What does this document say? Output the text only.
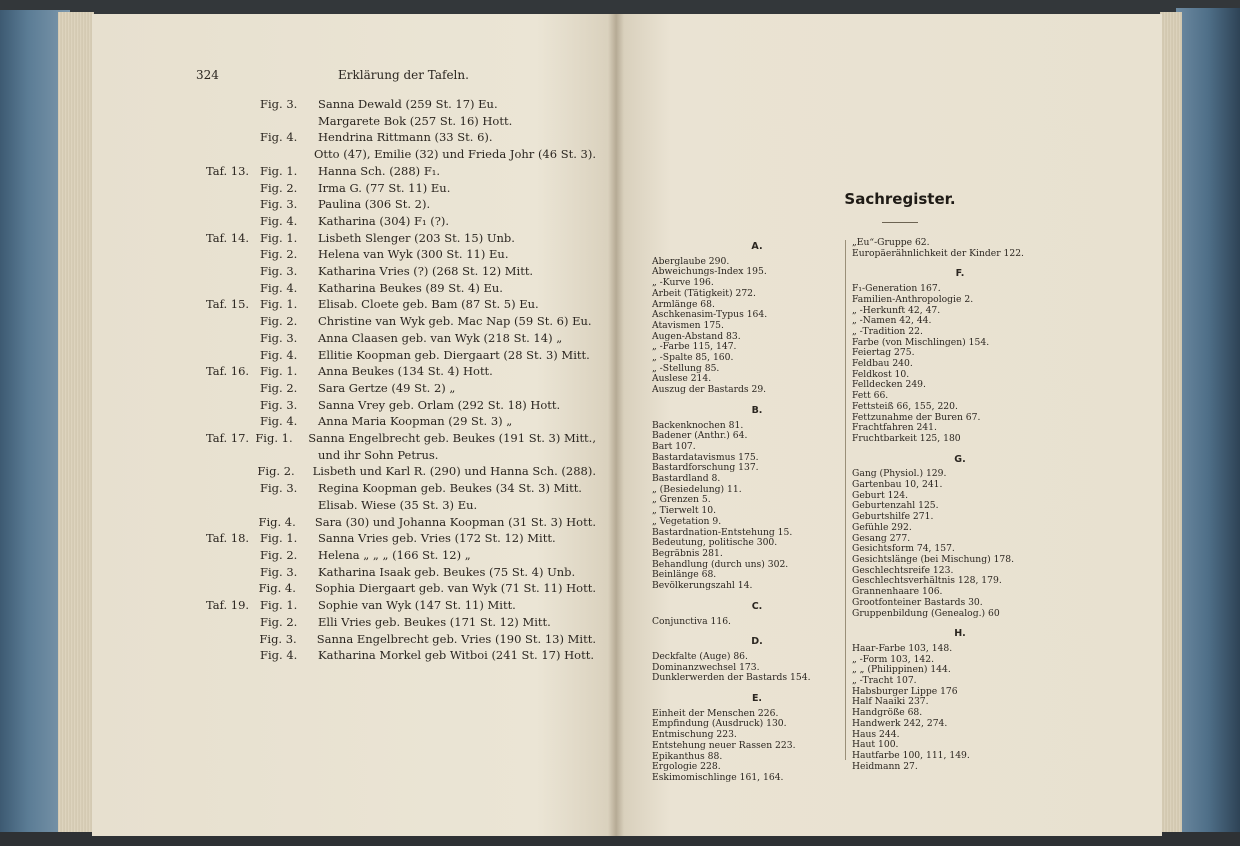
324	Erklärung der Tafeln.
Fig. 3.	Sanna Dewald (259 St. 17) Eu.
Margarete Bok (257 St. 16) Hott.
Fig. 4.	Hendrina Rittmann (33 St. 6).
Otto (47), Emilie (32) und Frieda Johr (46 St. 3).
Taf. 13. Fig. 1.	Hanna Sch. (288) F₁.
Fig. 2.	Irma G. (77 St. 11) Eu.
Fig. 3.	Paulina (306 St. 2).
Fig. 4.	Katharina (304) F₁ (?).
Taf. 14. Fig. 1.	Lisbeth Slenger (203 St. 15) Unb.
Fig. 2.	Helena van Wyk (300 St. 11) Eu.
Fig. 3.	Katharina Vries (?) (268 St. 12) Mitt.
Fig. 4.	Katharina Beukes (89 St. 4) Eu.
Taf. 15. Fig. 1.	Elisab. Cloete geb. Bam (87 St. 5) Eu.
Fig. 2.	Christine van Wyk geb. Mac Nap (59 St. 6) Eu.
Fig. 3.	Anna Claasen geb. van Wyk (218 St. 14) „
Fig. 4.	Ellitie Koopman geb. Diergaart (28 St. 3) Mitt.
Taf. 16. Fig. 1.	Anna Beukes (134 St. 4) Hott.
Fig. 2.	Sara Gertze (49 St. 2) „
Fig. 3.	Sanna Vrey geb. Orlam (292 St. 18) Hott.
Fig. 4.	Anna Maria Koopman (29 St. 3) „
Taf. 17. Fig. 1.	Sanna Engelbrecht geb. Beukes (191 St. 3) Mitt.,
und ihr Sohn Petrus.
Fig. 2.	Lisbeth und Karl R. (290) und Hanna Sch. (288).
Fig. 3.	Regina Koopman geb. Beukes (34 St. 3) Mitt.
Elisab. Wiese (35 St. 3) Eu.
Fig. 4.	Sara (30) und Johanna Koopman (31 St. 3) Hott.
Taf. 18. Fig. 1.	Sanna Vries geb. Vries (172 St. 12) Mitt.
Fig. 2.	Helena „ „ „ (166 St. 12) „
Fig. 3.	Katharina Isaak geb. Beukes (75 St. 4) Unb.
Fig. 4.	Sophia Diergaart geb. van Wyk (71 St. 11) Hott.
Taf. 19. Fig. 1.	Sophie van Wyk (147 St. 11) Mitt.
Fig. 2.	Elli Vries geb. Beukes (171 St. 12) Mitt.
Fig. 3.	Sanna Engelbrecht geb. Vries (190 St. 13) Mitt.
Fig. 4.	Katharina Morkel geb Witboi (241 St. 17) Hott.
Sachregister.
A.
Aberglaube 290.
Abweichungs-Index 195.
„ -Kurve 196.
Arbeit (Tätigkeit) 272.
Armlänge 68.
Aschkenasim-Typus 164.
Atavismen 175.
Augen-Abstand 83.
„ -Farbe 115, 147.
„ -Spalte 85, 160.
„ -Stellung 85.
Auslese 214.
Auszug der Bastards 29.
B.
Backenknochen 81.
Badener (Anthr.) 64.
Bart 107.
Bastardatavismus 175.
Bastardforschung 137.
Bastardland 8.
„ (Besiedelung) 11.
„ Grenzen 5.
„ Tierwelt 10.
„ Vegetation 9.
Bastardnation-Entstehung 15.
Bedeutung, politische 300.
Begräbnis 281.
Behandlung (durch uns) 302.
Beinlänge 68.
Bevölkerungszahl 14.
C.
Conjunctiva 116.
D.
Deckfalte (Auge) 86.
Dominanzwechsel 173.
Dunklerwerden der Bastards 154.
E.
Einheit der Menschen 226.
Empfindung (Ausdruck) 130.
Entmischung 223.
Entstehung neuer Rassen 223.
Epikanthus 88.
Ergologie 228.
Eskimomischlinge 161, 164.
„Eu“-Gruppe 62.
Europäerähnlichkeit der Kinder 122.
F.
F₁-Generation 167.
Familien-Anthropologie 2.
„ -Herkunft 42, 47.
„ -Namen 42, 44.
„ -Tradition 22.
Farbe (von Mischlingen) 154.
Feiertag 275.
Feldbau 240.
Feldkost 10.
Felldecken 249.
Fett 66.
Fettsteiß 66, 155, 220.
Fettzunahme der Buren 67.
Frachtfahren 241.
Fruchtbarkeit 125, 180
G.
Gang (Physiol.) 129.
Gartenbau 10, 241.
Geburt 124.
Geburtenzahl 125.
Geburtshilfe 271.
Gefühle 292.
Gesang 277.
Gesichtsform 74, 157.
Gesichtslänge (bei Mischung) 178.
Geschlechtsreife 123.
Geschlechtsverhältnis 128, 179.
Grannenhaare 106.
Grootfonteiner Bastards 30.
Gruppenbildung (Genealog.) 60
H.
Haar-Farbe 103, 148.
„ -Form 103, 142.
„ „ (Philippinen) 144.
„ -Tracht 107.
Habsburger Lippe 176
Half Naaiki 237.
Handgröße 68.
Handwerk 242, 274.
Haus 244.
Haut 100.
Hautfarbe 100, 111, 149.
Heidmann 27.
